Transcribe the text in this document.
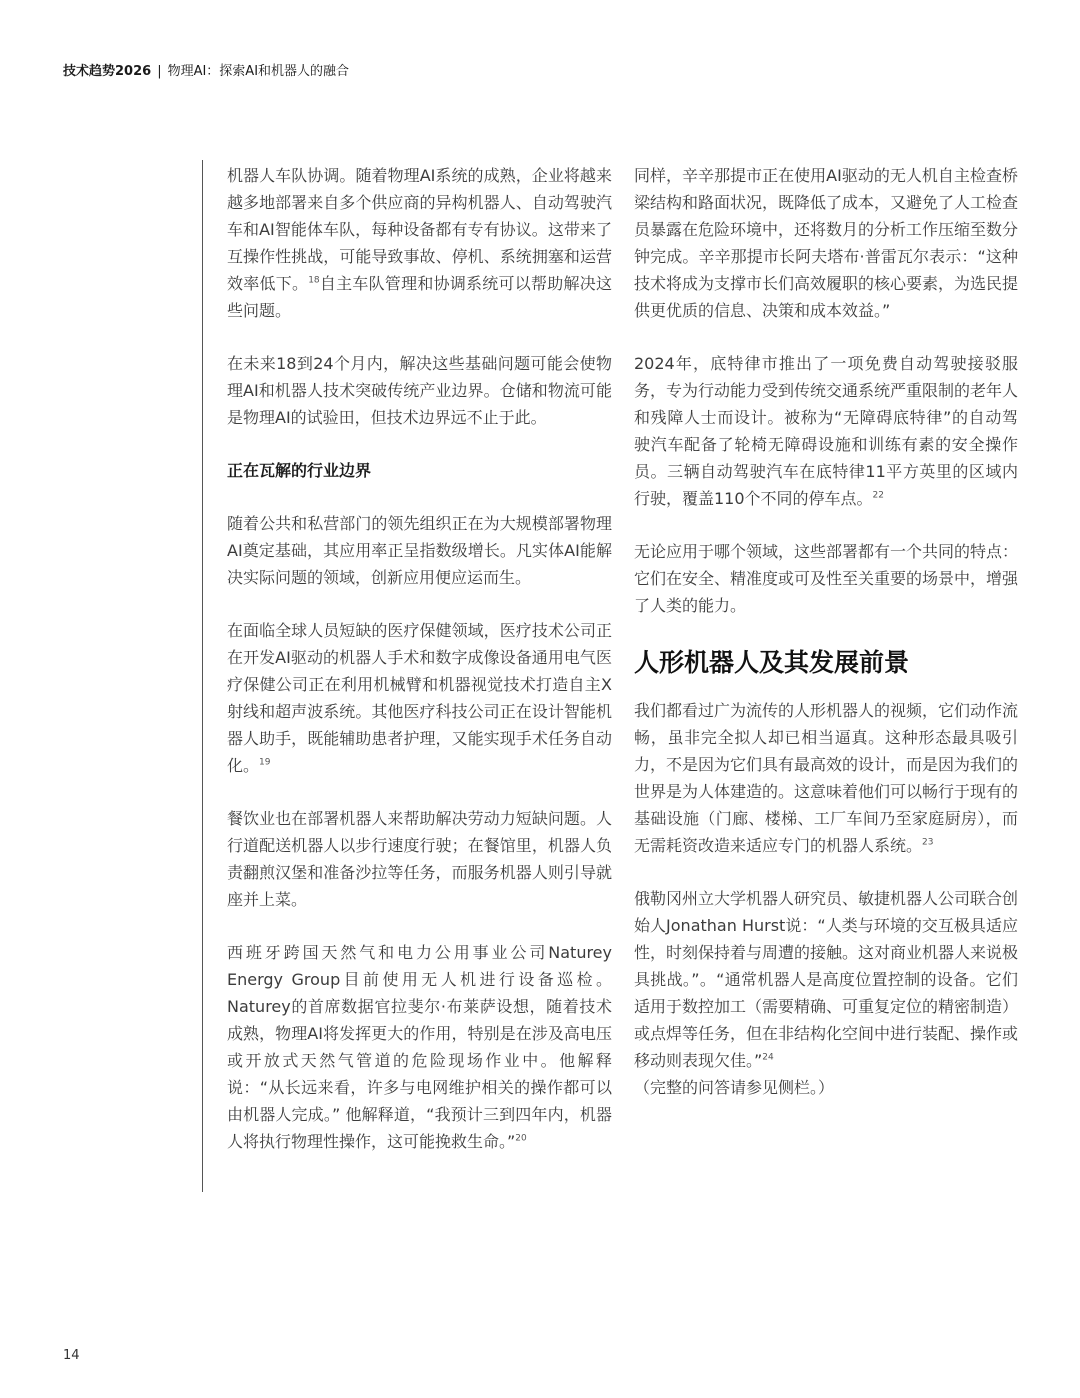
技术趋势2026 | 物理AI：探索AI和机器人的融合

机器人车队协调。随着物理AI系统的成熟，企业将越来越多地部署来自多个供应商的异构机器人、自动驾驶汽车和AI智能体车队，每种设备都有专有协议。这带来了互操作性挑战，可能导致事故、停机、系统拥塞和运营效率低下。$^{18}$自主车队管理和协调系统可以帮助解决这些问题。

在未来18到24个月内，解决这些基础问题可能会使物理AI和机器人技术突破传统产业边界。仓储和物流可能是物理AI的试验田，但技术边界远不止于此。

正在瓦解的行业边界

随着公共和私营部门的领先组织正在为大规模部署物理AI奠定基础，其应用率正呈指数级增长。凡实体AI能解决实际问题的领域，创新应用便应运而生。

在面临全球人员短缺的医疗保健领域，医疗技术公司正在开发AI驱动的机器人手术和数字成像设备通用电气医疗保健公司正在利用机械臂和机器视觉技术打造自主X射线和超声波系统。其他医疗科技公司正在设计智能机器人助手，既能辅助患者护理，又能实现手术任务自动化。$^{19}$

餐饮业也在部署机器人来帮助解决劳动力短缺问题。人行道配送机器人以步行速度行驶；在餐馆里，机器人负责翻煎汉堡和准备沙拉等任务，而服务机器人则引导就座并上菜。

西班牙跨国天然气和电力公用事业公司Naturey Energy Group目前使用无人机进行设备巡检。Naturey的首席数据官拉斐尔·布莱萨设想，随着技术成熟，物理AI将发挥更大的作用，特别是在涉及高电压或开放式天然气管道的危险现场作业中。他解释说：“从长远来看，许多与电网维护相关的操作都可以由机器人完成。” 他解释道，“我预计三到四年内，机器人将执行物理性操作，这可能挽救生命。”$^{20}$

同样，辛辛那提市正在使用AI驱动的无人机自主检查桥梁结构和路面状况，既降低了成本，又避免了人工检查员暴露在危险环境中，还将数月的分析工作压缩至数分钟完成。辛辛那提市长阿夫塔布·普雷瓦尔表示：“这种技术将成为支撑市长们高效履职的核心要素，为选民提供更优质的信息、决策和成本效益。”

2024年，底特律市推出了一项免费自动驾驶接驳服务，专为行动能力受到传统交通系统严重限制的老年人和残障人士而设计。被称为“无障碍底特律”的自动驾驶汽车配备了轮椅无障碍设施和训练有素的安全操作员。三辆自动驾驶汽车在底特律11平方英里的区域内行驶，覆盖110个不同的停车点。$^{22}$

无论应用于哪个领域，这些部署都有一个共同的特点：它们在安全、精准度或可及性至关重要的场景中，增强了人类的能力。

人形机器人及其发展前景

我们都看过广为流传的人形机器人的视频，它们动作流畅，虽非完全拟人却已相当逼真。这种形态最具吸引力，不是因为它们具有最高效的设计，而是因为我们的世界是为人体建造的。这意味着他们可以畅行于现有的基础设施（门廊、楼梯、工厂车间乃至家庭厨房），而无需耗资改造来适应专门的机器人系统。$^{23}$

俄勒冈州立大学机器人研究员、敏捷机器人公司联合创始人Jonathan Hurst说：“人类与环境的交互极具适应性，时刻保持着与周遭的接触。这对商业机器人来说极具挑战。”。“通常机器人是高度位置控制的设备。它们适用于数控加工（需要精确、可重复定位的精密制造）或点焊等任务，但在非结构化空间中进行装配、操作或移动则表现欠佳。”$^{24}$
（完整的问答请参见侧栏。）

14
